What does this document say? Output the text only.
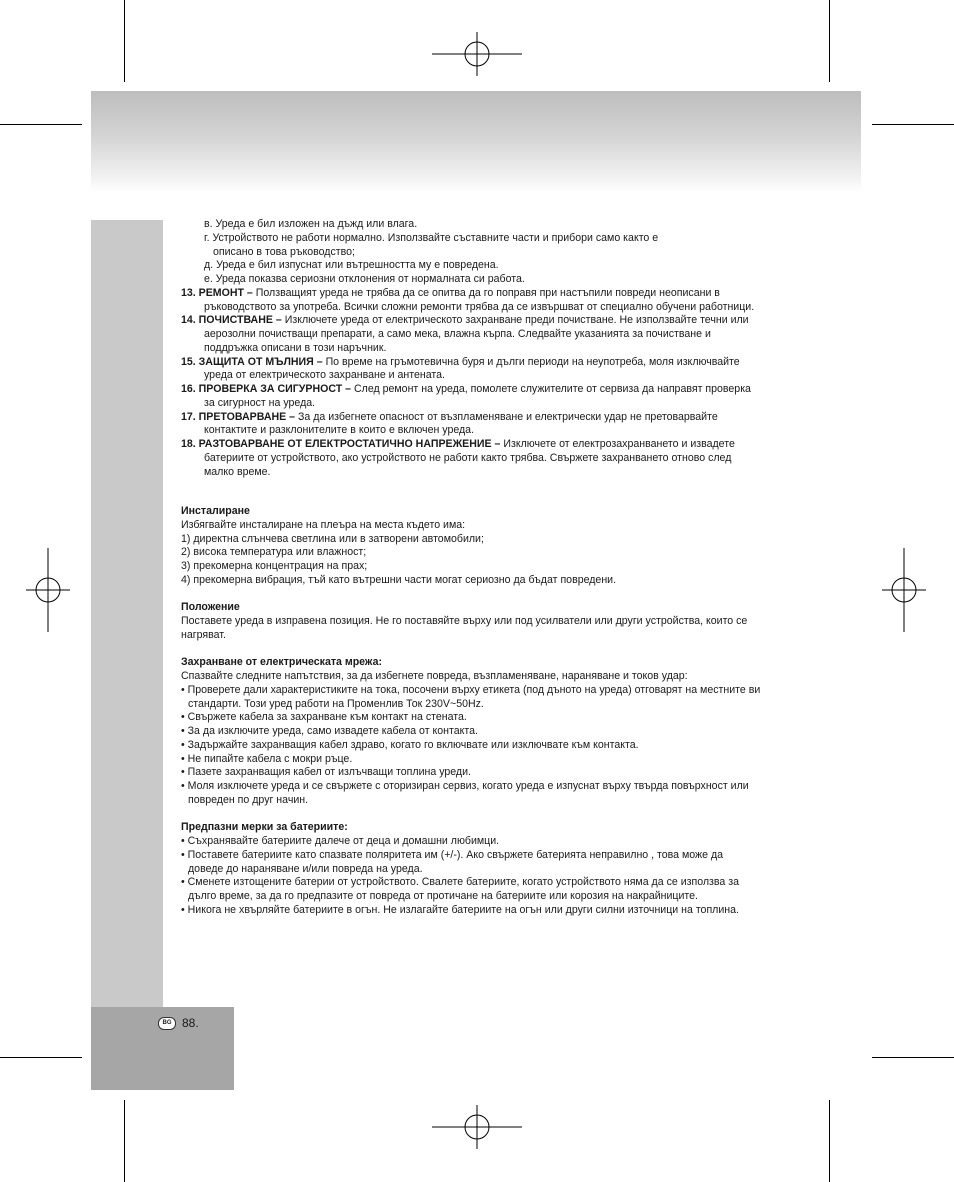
в. Уреда е бил изложен на дъжд или влага.

г. Устройството не работи нормално. Използвайте съставните части и прибори само както е

описано в това ръководство;

д. Уреда е бил изпуснат или вътрешността му е повредена.

е. Уреда показва сериозни отклонения от нормалната си работа.

13. РЕМОНТ – Ползващият уреда не трябва да се опитва да го поправя при настъпили повреди неописани в ръководството за употреба. Всички сложни ремонти трябва да се извършват от специално обучени работници.

14. ПОЧИСТВАНЕ – Изключете уреда от електрическото захранване преди почистване. Не използвайте течни или аерозолни почистващи препарати, а само мека, влажна кърпа. Следвайте указанията за почистване и поддръжка описани в този наръчник.

15. ЗАЩИТА ОТ МЪЛНИЯ – По време на гръмотевична буря и дълги периоди на неупотреба, моля изключвайте уреда от електрическото захранване и антената.

16. ПРОВЕРКА ЗА СИГУРНОСТ – След ремонт на уреда, помолете служителите от сервиза да направят проверка за сигурност на уреда.

17. ПРЕТОВАРВАНЕ – За да избегнете опасност от възпламеняване и електрически удар не претоварвайте контактите и разклонителите в които е включен уреда.

18. РАЗТОВАРВАНЕ ОТ ЕЛЕКТРОСТАТИЧНО НАПРЕЖЕНИЕ – Изключете от електрозахранването и извадете батериите от устройството, ако устройството не работи както трябва. Свържете захранването отново след малко време.

Инсталиране

Избягвайте инсталиране на плеъра на места където има:

1) директна слънчева светлина или в затворени автомобили;

2) висока температура или влажност;

3) прекомерна концентрация на прах;

4) прекомерна вибрация, тъй като вътрешни части могат сериозно да бъдат повредени.

Положение

Поставете уреда в изправена позиция. Не го поставяйте върху или под усилватели или други устройства, които се нагряват.

Захранване от електрическата мрежа:

Спазвайте следните напътствия, за да избегнете повреда, възпламеняване, нараняване и токов удар:

• Проверете дали характеристиките на тока, посочени върху етикета (под дъното на уреда) отговарят на местните ви стандарти. Този уред работи на Променлив Ток 230V~50Hz.

• Свържете кабела за захранване към контакт на стената.

• За да изключите уреда, само извадете кабела от контакта.

• Задържайте захранващия кабел здраво, когато го включвате или изключвате към контакта.

• Не пипайте кабела с мокри ръце.

• Пазете захранващия кабел от излъчващи топлина уреди.

• Моля изключете уреда и се свържете с оторизиран сервиз, когато уреда е изпуснат върху твърда повърхност или повреден по друг начин.

Предпазни мерки за батериите:

• Съхранявайте батериите далече от деца и домашни любимци.

• Поставете батериите като спазвате поляритета им (+/-). Ако свържете батерията неправилно , това може да доведе до нараняване и/или повреда на уреда.

• Сменете изтощените батерии от устройството. Свалете батериите, когато устройството няма да се използва за дълго време, за да го предпазите от повреда от протичане на батериите или корозия на накрайниците.

• Никога не хвърляйте батериите в огън. Не излагайте батериите на огън или други силни източници на топлина.

BG 88.
